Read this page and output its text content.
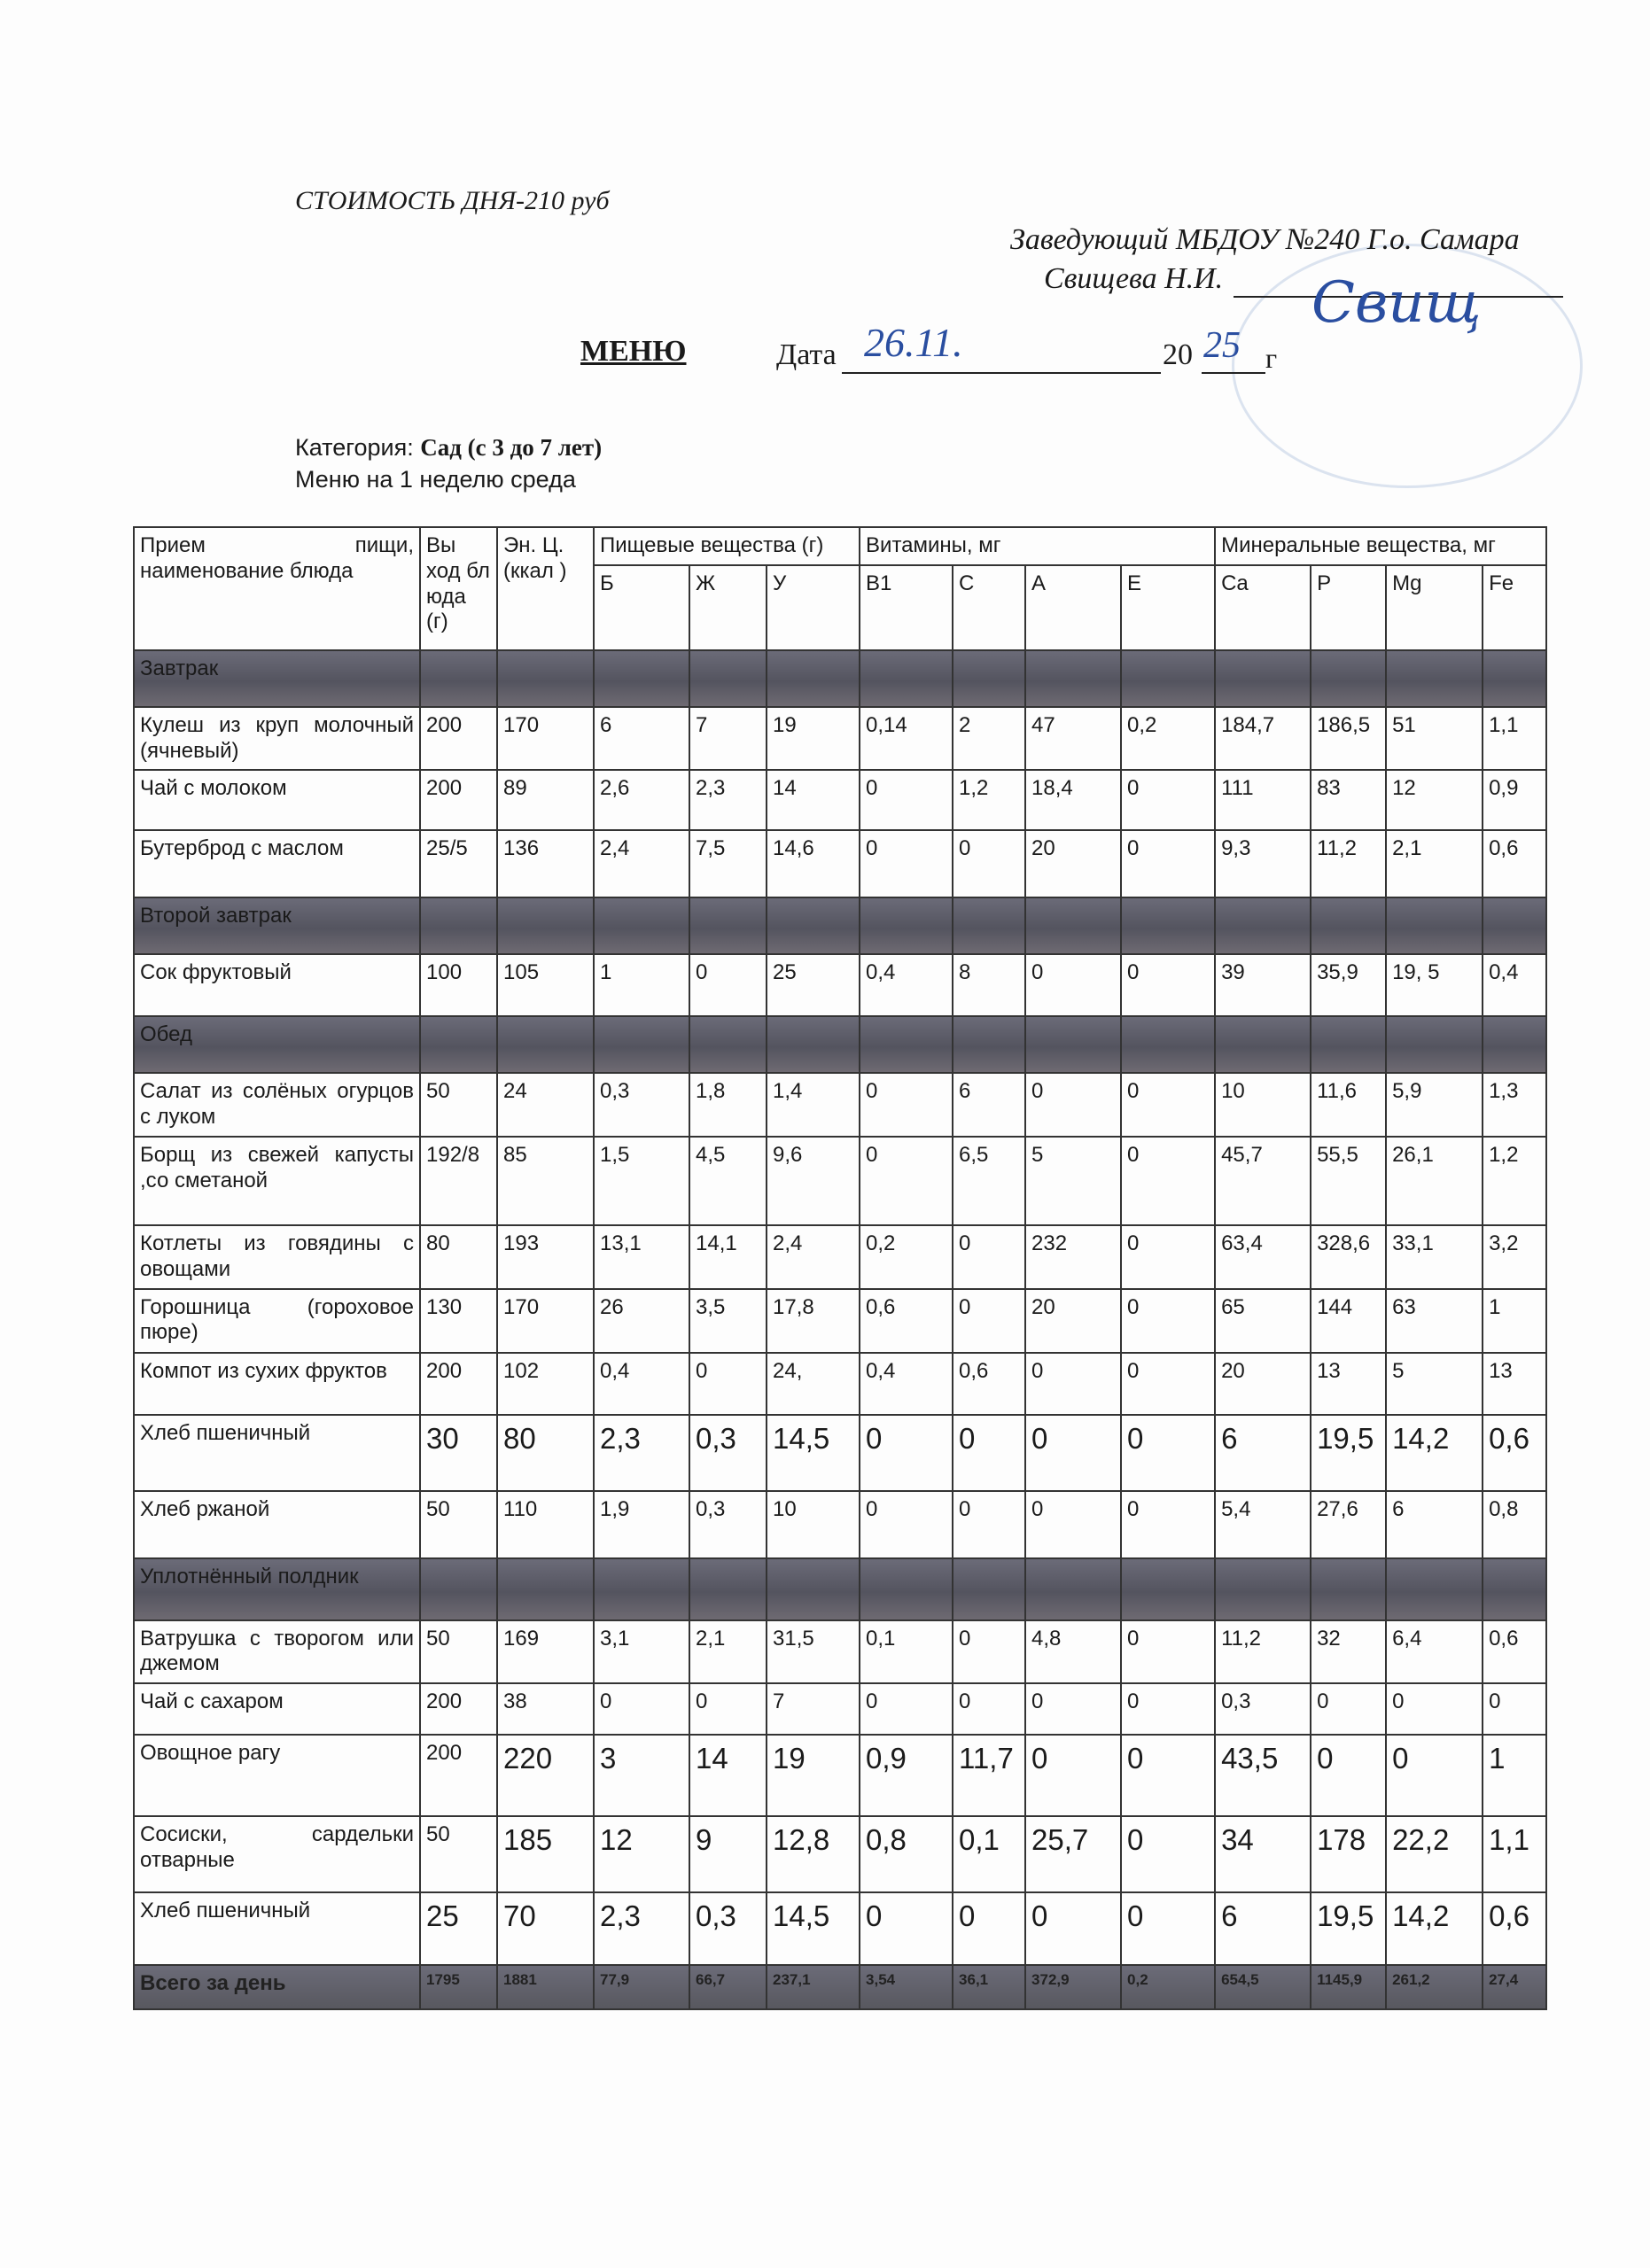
СТОИМОСТЬ ДНЯ-210 руб
Заведующий МБДОУ №240 Г.о. Самара
Свищева Н.И. Свищ
МЕНЮ	Дата 26.11.	20 25 г
Категория: Сад (с 3 до 7 лет)
Меню на 1 неделю среда
Прием пищи, наименование блюда	Вы ход бл юда (г)	Эн. Ц. (ккал )	Пищевые вещества (г)			Витамины, мг				Минеральные вещества, мг			
			Б	Ж	У	B1	C	A	E	Ca	P	Mg	Fe
Завтрак													
Кулеш из круп молочный (ячневый)	200	170	6	7	19	0,14	2	47	0,2	184,7	186,5	51	1,1
Чай с молоком	200	89	2,6	2,3	14	0	1,2	18,4	0	111	83	12	0,9
Бутерброд с маслом	25/5	136	2,4	7,5	14,6	0	0	20	0	9,3	11,2	2,1	0,6
Второй завтрак													
Сок фруктовый	100	105	1	0	25	0,4	8	0	0	39	35,9	19, 5	0,4
Обед													
Салат из солёных огурцов с луком	50	24	0,3	1,8	1,4	0	6	0	0	10	11,6	5,9	1,3
Борщ из свежей капусты ,со сметаной	192/8	85	1,5	4,5	9,6	0	6,5	5	0	45,7	55,5	26,1	1,2
Котлеты из говядины с овощами	80	193	13,1	14,1	2,4	0,2	0	232	0	63,4	328,6	33,1	3,2
Горошница (гороховое пюре)	130	170	26	3,5	17,8	0,6	0	20	0	65	144	63	1
Компот из сухих фруктов	200	102	0,4	0	24,	0,4	0,6	0	0	20	13	5	13
Хлеб пшеничный	30	80	2,3	0,3	14,5	0	0	0	0	6	19,5	14,2	0,6
Хлеб ржаной	50	110	1,9	0,3	10	0	0	0	0	5,4	27,6	6	0,8
Уплотнённый полдник													
Ватрушка с творогом или джемом	50	169	3,1	2,1	31,5	0,1	0	4,8	0	11,2	32	6,4	0,6
Чай с сахаром	200	38	0	0	7	0	0	0	0	0,3	0	0	0
Овощное рагу	200	220	3	14	19	0,9	11,7	0	0	43,5	0	0	1
Сосиски, сардельки отварные	50	185	12	9	12,8	0,8	0,1	25,7	0	34	178	22,2	1,1
Хлеб пшеничный	25	70	2,3	0,3	14,5	0	0	0	0	6	19,5	14,2	0,6
Всего за день	1795	1881	77,9	66,7	237,1	3,54	36,1	372,9	0,2	654,5	1145,9	261,2	27,4
